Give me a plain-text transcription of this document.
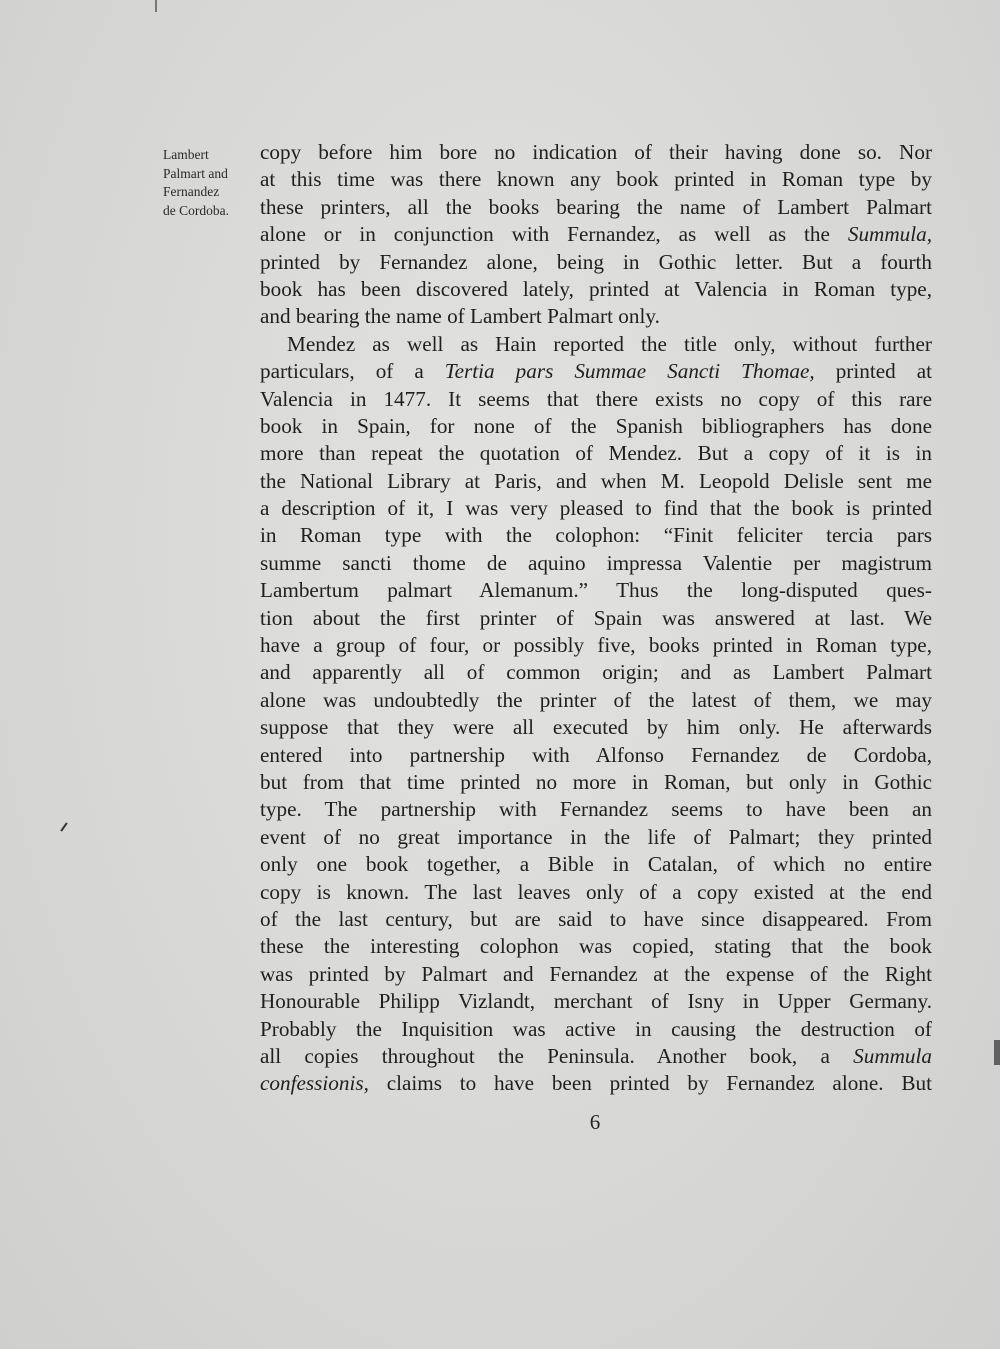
Lambert
Palmart and
Fernandez
de Cordoba.
copy before him bore no indication of their having done so. Nor
at this time was there known any book printed in Roman type by
these printers, all the books bearing the name of Lambert Palmart
alone or in conjunction with Fernandez, as well as the Summula,
printed by Fernandez alone, being in Gothic letter. But a fourth
book has been discovered lately, printed at Valencia in Roman type,
and bearing the name of Lambert Palmart only.
Mendez as well as Hain reported the title only, without further
particulars, of a Tertia pars Summae Sancti Thomae, printed at
Valencia in 1477. It seems that there exists no copy of this rare
book in Spain, for none of the Spanish bibliographers has done
more than repeat the quotation of Mendez. But a copy of it is in
the National Library at Paris, and when M. Leopold Delisle sent me
a description of it, I was very pleased to find that the book is printed
in Roman type with the colophon: “Finit feliciter tercia pars
summe sancti thome de aquino impressa Valentie per magistrum
Lambertum palmart Alemanum.” Thus the long-disputed ques-
tion about the first printer of Spain was answered at last. We
have a group of four, or possibly five, books printed in Roman type,
and apparently all of common origin; and as Lambert Palmart
alone was undoubtedly the printer of the latest of them, we may
suppose that they were all executed by him only. He afterwards
entered into partnership with Alfonso Fernandez de Cordoba,
but from that time printed no more in Roman, but only in Gothic
type. The partnership with Fernandez seems to have been an
event of no great importance in the life of Palmart; they printed
only one book together, a Bible in Catalan, of which no entire
copy is known. The last leaves only of a copy existed at the end
of the last century, but are said to have since disappeared. From
these the interesting colophon was copied, stating that the book
was printed by Palmart and Fernandez at the expense of the Right
Honourable Philipp Vizlandt, merchant of Isny in Upper Germany.
Probably the Inquisition was active in causing the destruction of
all copies throughout the Peninsula. Another book, a Summula
confessionis, claims to have been printed by Fernandez alone. But
6
